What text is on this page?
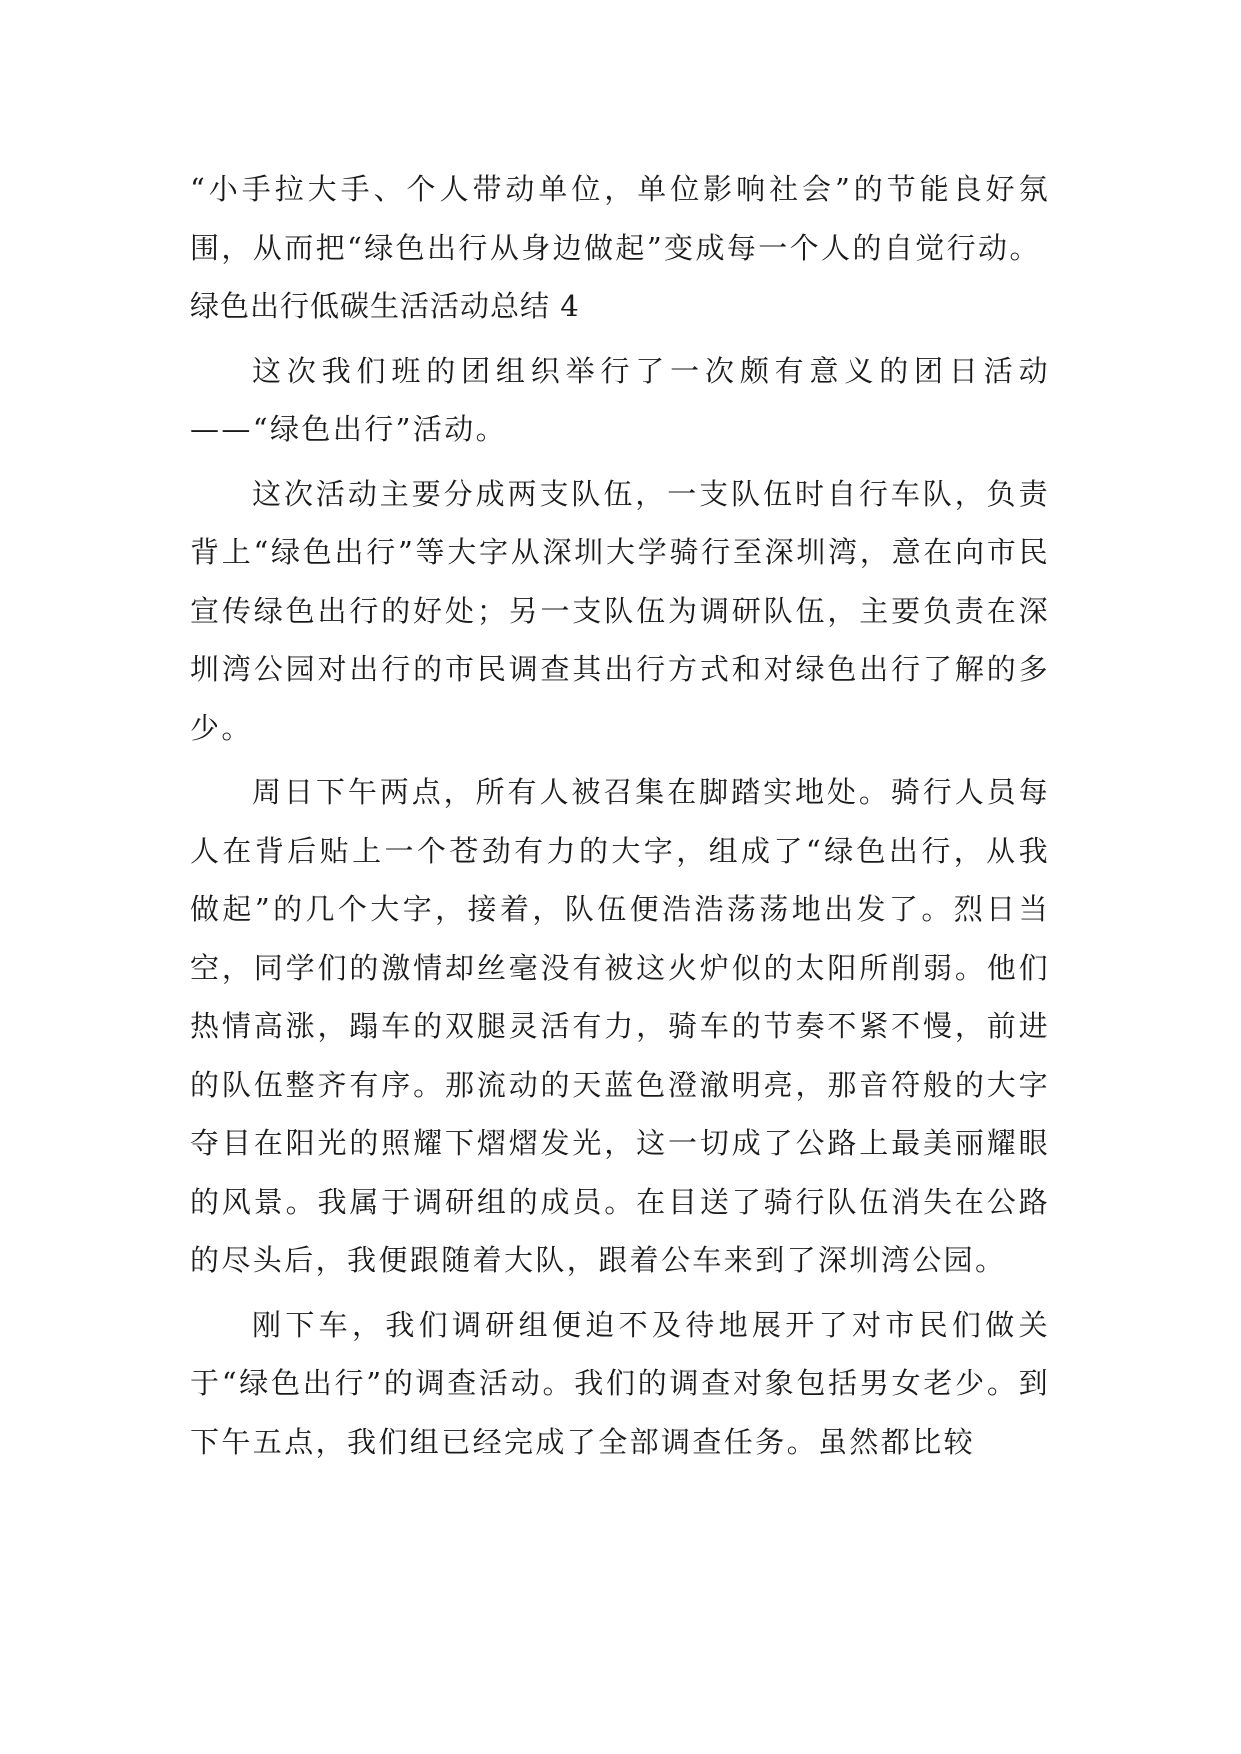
“小手拉大手、个人带动单位，单位影响社会”的节能良好氛围，从而把“绿色出行从身边做起”变成每一个人的自觉行动。

绿色出行低碳生活活动总结 4

这次我们班的团组织举行了一次颇有意义的团日活动——“绿色出行”活动。

这次活动主要分成两支队伍，一支队伍时自行车队，负责背上“绿色出行”等大字从深圳大学骑行至深圳湾，意在向市民宣传绿色出行的好处；另一支队伍为调研队伍，主要负责在深圳湾公园对出行的市民调查其出行方式和对绿色出行了解的多少。

周日下午两点，所有人被召集在脚踏实地处。骑行人员每人在背后贴上一个苍劲有力的大字，组成了“绿色出行，从我做起”的几个大字，接着，队伍便浩浩荡荡地出发了。烈日当空，同学们的激情却丝毫没有被这火炉似的太阳所削弱。他们热情高涨，蹋车的双腿灵活有力，骑车的节奏不紧不慢，前进的队伍整齐有序。那流动的天蓝色澄澈明亮，那音符般的大字夺目在阳光的照耀下熠熠发光，这一切成了公路上最美丽耀眼的风景。我属于调研组的成员。在目送了骑行队伍消失在公路的尽头后，我便跟随着大队，跟着公车来到了深圳湾公园。

刚下车，我们调研组便迫不及待地展开了对市民们做关于“绿色出行”的调查活动。我们的调查对象包括男女老少。到下午五点，我们组已经完成了全部调查任务。虽然都比较
